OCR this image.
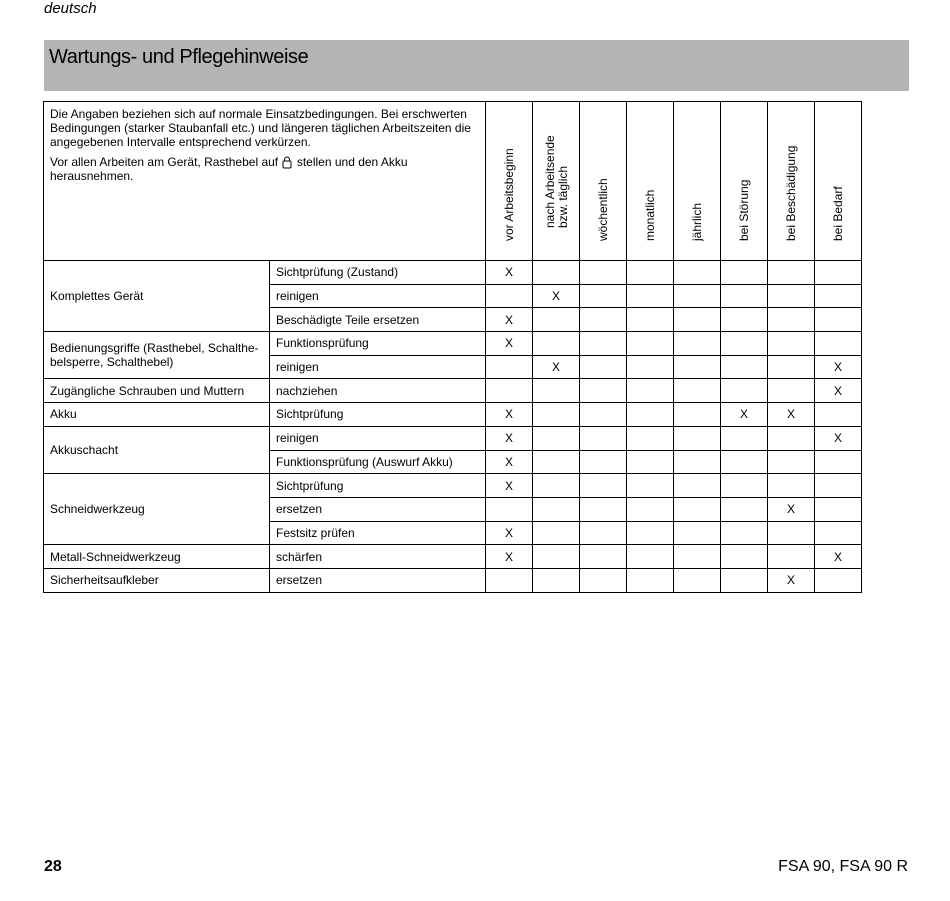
deutsch
Wartungs- und Pflegehinweise

Die Angaben beziehen sich auf normale Einsatzbedingungen. Bei erschwerten Bedingungen (starker Staubanfall etc.) und längeren täglichen Arbeitszeiten die angegebenen Intervalle entsprechend verkürzen.

Vor allen Arbeiten am Gerät, Rasthebel auf stellen und den Akku herausnehmen.		vor Arbeitsbeginn	nach Arbeitsende bzw. täglich	wöchentlich	monatlich	jährlich	bei Störung	bei Beschädigung	bei Bedarf

Komplettes Gerät	Sichtprüfung (Zustand)	X							
	reinigen		X						
	Beschädigte Teile ersetzen	X							
Bedienungsgriffe (Rasthebel, Schalthe-belsperre, Schalthebel)	Funktionsprüfung	X							
	reinigen		X						X
Zugängliche Schrauben und Muttern	nachziehen								X
Akku	Sichtprüfung	X					X	X	
Akkuschacht	reinigen	X							X
	Funktionsprüfung (Auswurf Akku)	X							
Schneidwerkzeug	Sichtprüfung	X							
	ersetzen							X	
	Festsitz prüfen	X							
Metall-Schneidwerkzeug	schärfen	X							X
Sicherheitsaufkleber	ersetzen							X	
28	FSA 90, FSA 90 R
